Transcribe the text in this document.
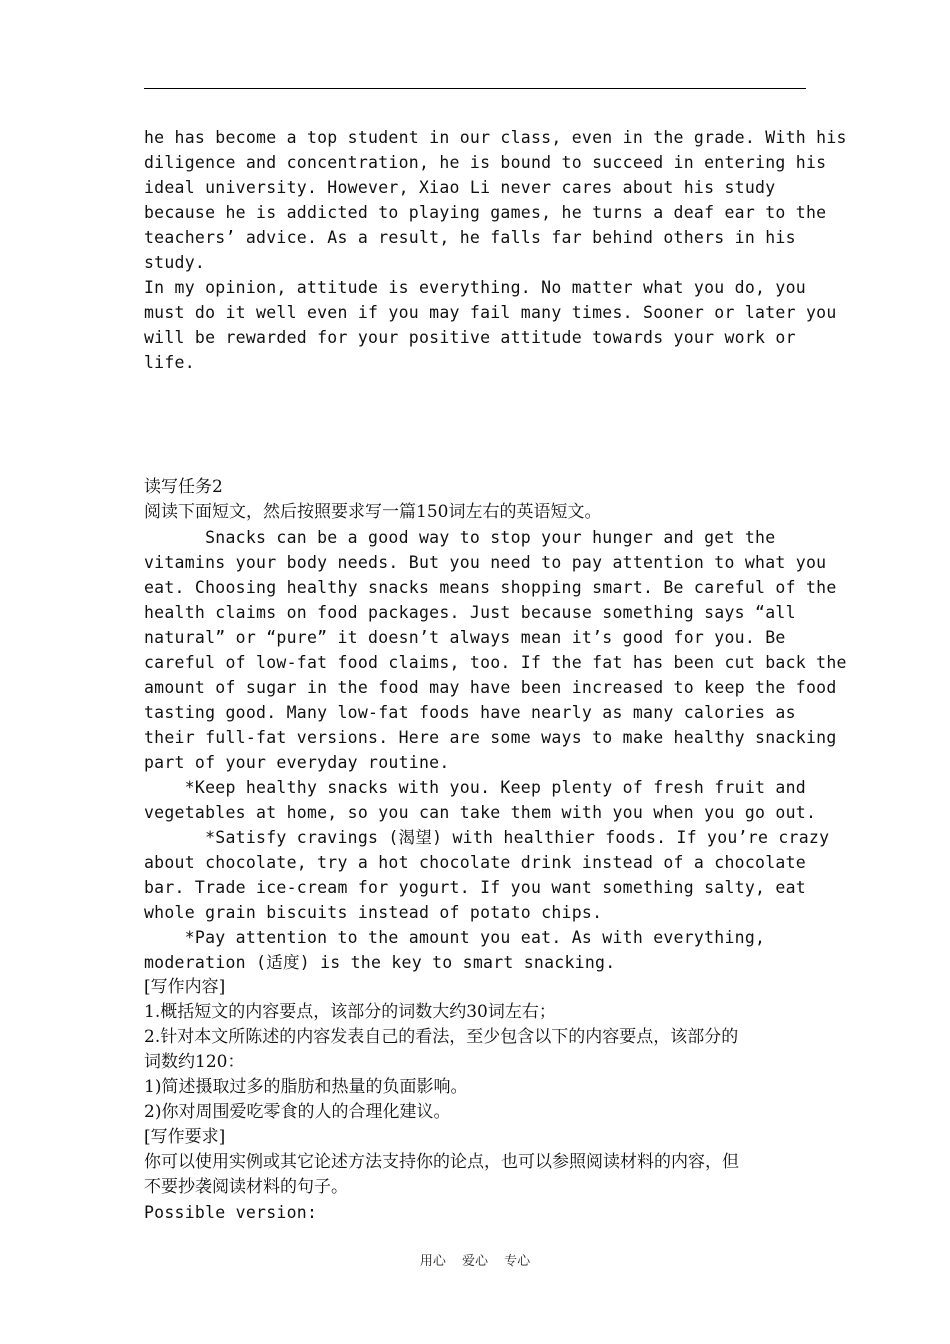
he has become a top student in our class, even in the grade. With his
diligence and concentration, he is bound to succeed in entering his
ideal university. However, Xiao Li never cares about his study
because he is addicted to playing games, he turns a deaf ear to the
teachers’ advice. As a result, he falls far behind others in his
study.
In my opinion, attitude is everything. No matter what you do, you
must do it well even if you may fail many times. Sooner or later you
will be rewarded for your positive attitude towards your work or
life.
读写任务2
阅读下面短文，然后按照要求写一篇150词左右的英语短文。
Snacks can be a good way to stop your hunger and get the
vitamins your body needs. But you need to pay attention to what you
eat. Choosing healthy snacks means shopping smart. Be careful of the
health claims on food packages. Just because something says “all
natural” or “pure” it doesn’t always mean it’s good for you. Be
careful of low-fat food claims, too. If the fat has been cut back the
amount of sugar in the food may have been increased to keep the food
tasting good. Many low-fat foods have nearly as many calories as
their full-fat versions. Here are some ways to make healthy snacking
part of your everyday routine.
*Keep healthy snacks with you. Keep plenty of fresh fruit and
vegetables at home, so you can take them with you when you go out.
*Satisfy cravings (渴望) with healthier foods. If you’re crazy
about chocolate, try a hot chocolate drink instead of a chocolate
bar. Trade ice-cream for yogurt. If you want something salty, eat
whole grain biscuits instead of potato chips.
*Pay attention to the amount you eat. As with everything,
moderation (适度) is the key to smart snacking.
[写作内容]
1.概括短文的内容要点，该部分的词数大约30词左右；
2.针对本文所陈述的内容发表自己的看法，至少包含以下的内容要点，该部分的
词数约120：
1)简述摄取过多的脂肪和热量的负面影响。
2)你对周围爱吃零食的人的合理化建议。
[写作要求]
你可以使用实例或其它论述方法支持你的论点，也可以参照阅读材料的内容，但
不要抄袭阅读材料的句子。
Possible version:
用心 爱心 专心
